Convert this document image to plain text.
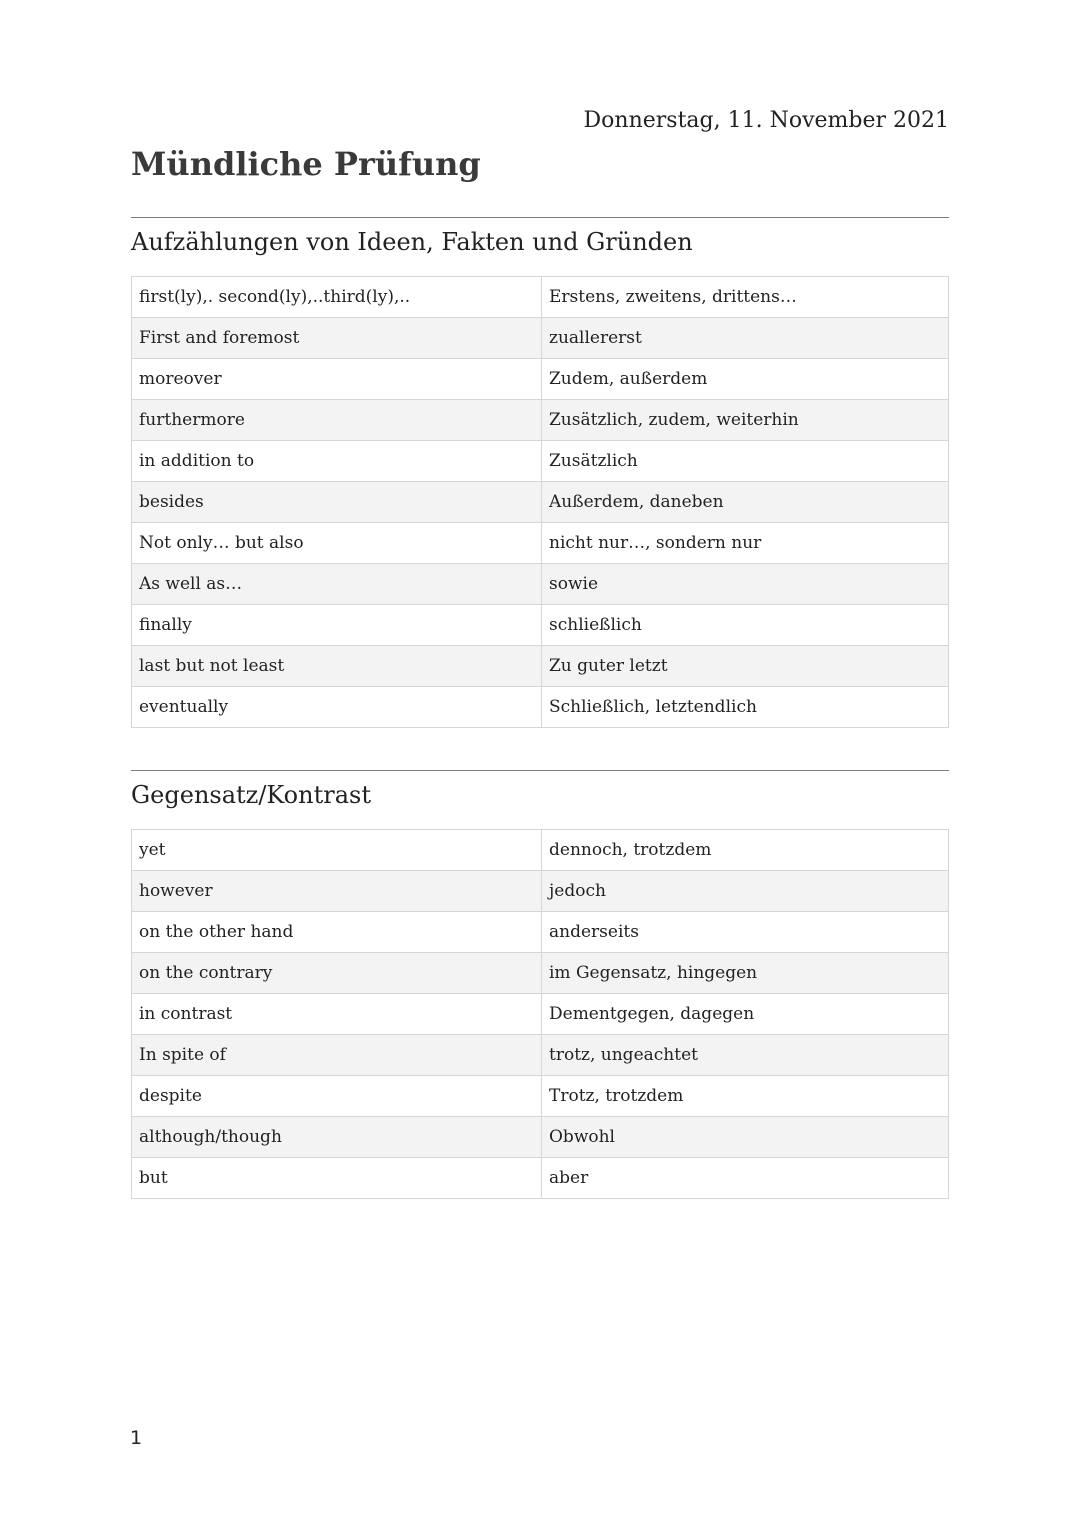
Donnerstag, 11. November 2021
Mündliche Prüfung
Aufzählungen von Ideen, Fakten und Gründen
first(ly),. second(ly),..third(ly),..	Erstens, zweitens, drittens…
First and foremost	zuallererst
moreover	Zudem, außerdem
furthermore	Zusätzlich, zudem, weiterhin
in addition to	Zusätzlich
besides	Außerdem, daneben
Not only… but also	nicht nur…, sondern nur
As well as…	sowie
finally	schließlich
last but not least	Zu guter letzt
eventually	Schließlich, letztendlich
Gegensatz/Kontrast
yet	dennoch, trotzdem
however	jedoch
on the other hand	anderseits
on the contrary	im Gegensatz, hingegen
in contrast	Dementgegen, dagegen
In spite of	trotz, ungeachtet
despite	Trotz, trotzdem
although/though	Obwohl
but	aber
1
